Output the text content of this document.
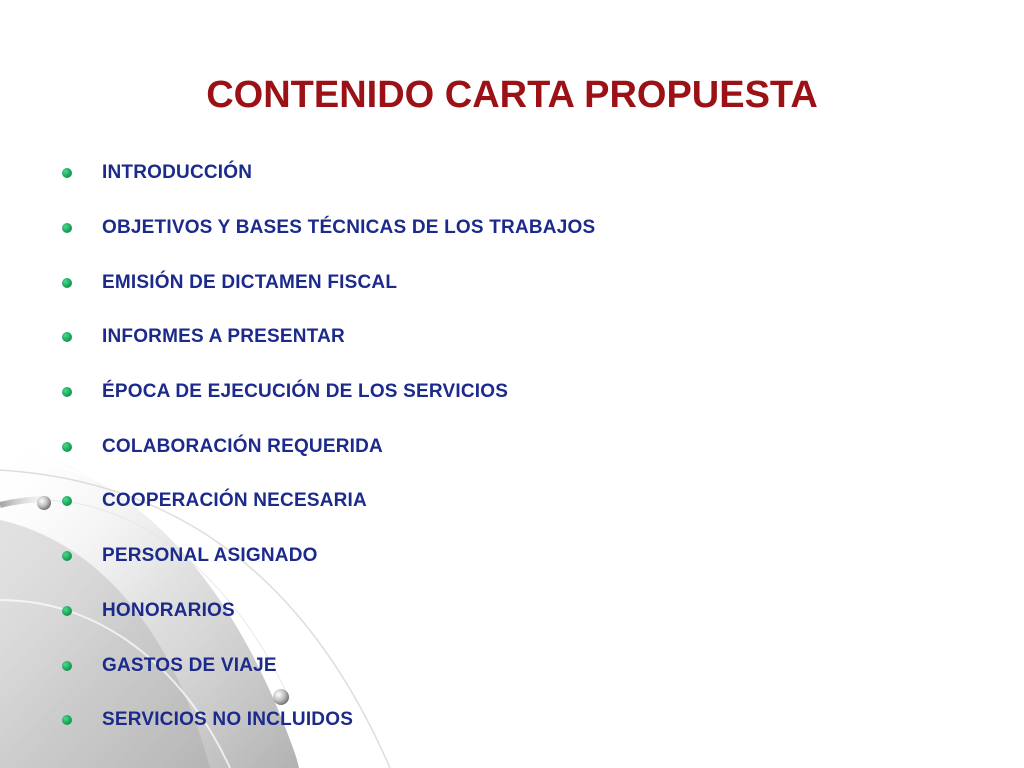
CONTENIDO CARTA PROPUESTA
INTRODUCCIÓN
OBJETIVOS Y BASES TÉCNICAS DE LOS TRABAJOS
EMISIÓN DE DICTAMEN FISCAL
INFORMES A PRESENTAR
ÉPOCA DE EJECUCIÓN DE LOS SERVICIOS
COLABORACIÓN REQUERIDA
COOPERACIÓN NECESARIA
PERSONAL ASIGNADO
HONORARIOS
GASTOS DE VIAJE
SERVICIOS NO INCLUIDOS
